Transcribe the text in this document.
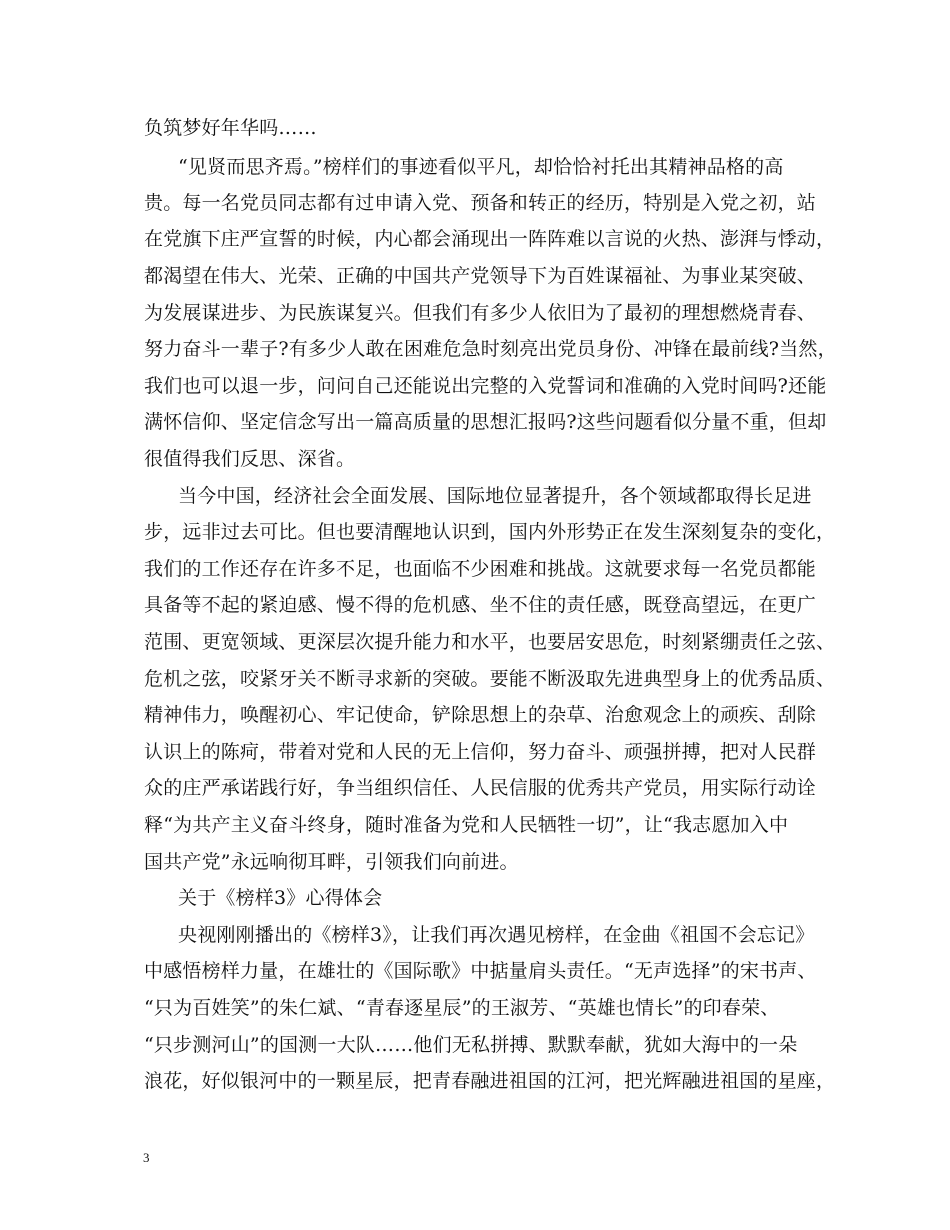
负筑梦好年华吗……
“见贤而思齐焉。”榜样们的事迹看似平凡，却恰恰衬托出其精神品格的高
贵。每一名党员同志都有过申请入党、预备和转正的经历，特别是入党之初，站
在党旗下庄严宣誓的时候，内心都会涌现出一阵阵难以言说的火热、澎湃与悸动，
都渴望在伟大、光荣、正确的中国共产党领导下为百姓谋福祉、为事业某突破、
为发展谋进步、为民族谋复兴。但我们有多少人依旧为了最初的理想燃烧青春、
努力奋斗一辈子?有多少人敢在困难危急时刻亮出党员身份、冲锋在最前线?当然，
我们也可以退一步，问问自己还能说出完整的入党誓词和准确的入党时间吗?还能
满怀信仰、坚定信念写出一篇高质量的思想汇报吗?这些问题看似分量不重，但却
很值得我们反思、深省。
当今中国，经济社会全面发展、国际地位显著提升，各个领域都取得长足进
步，远非过去可比。但也要清醒地认识到，国内外形势正在发生深刻复杂的变化，
我们的工作还存在许多不足，也面临不少困难和挑战。这就要求每一名党员都能
具备等不起的紧迫感、慢不得的危机感、坐不住的责任感，既登高望远，在更广
范围、更宽领域、更深层次提升能力和水平，也要居安思危，时刻紧绷责任之弦、
危机之弦，咬紧牙关不断寻求新的突破。要能不断汲取先进典型身上的优秀品质、
精神伟力，唤醒初心、牢记使命，铲除思想上的杂草、治愈观念上的顽疾、刮除
认识上的陈疴，带着对党和人民的无上信仰，努力奋斗、顽强拼搏，把对人民群
众的庄严承诺践行好，争当组织信任、人民信服的优秀共产党员，用实际行动诠
释“为共产主义奋斗终身，随时准备为党和人民牺牲一切”，让“我志愿加入中
国共产党”永远响彻耳畔，引领我们向前进。
关于《榜样3》心得体会
央视刚刚播出的《榜样3》，让我们再次遇见榜样，在金曲《祖国不会忘记》
中感悟榜样力量，在雄壮的《国际歌》中掂量肩头责任。“无声选择”的宋书声、
“只为百姓笑”的朱仁斌、“青春逐星辰”的王淑芳、“英雄也情长”的印春荣、
“只步测河山”的国测一大队……他们无私拼搏、默默奉献，犹如大海中的一朵
浪花，好似银河中的一颗星辰，把青春融进祖国的江河，把光辉融进祖国的星座，
3
